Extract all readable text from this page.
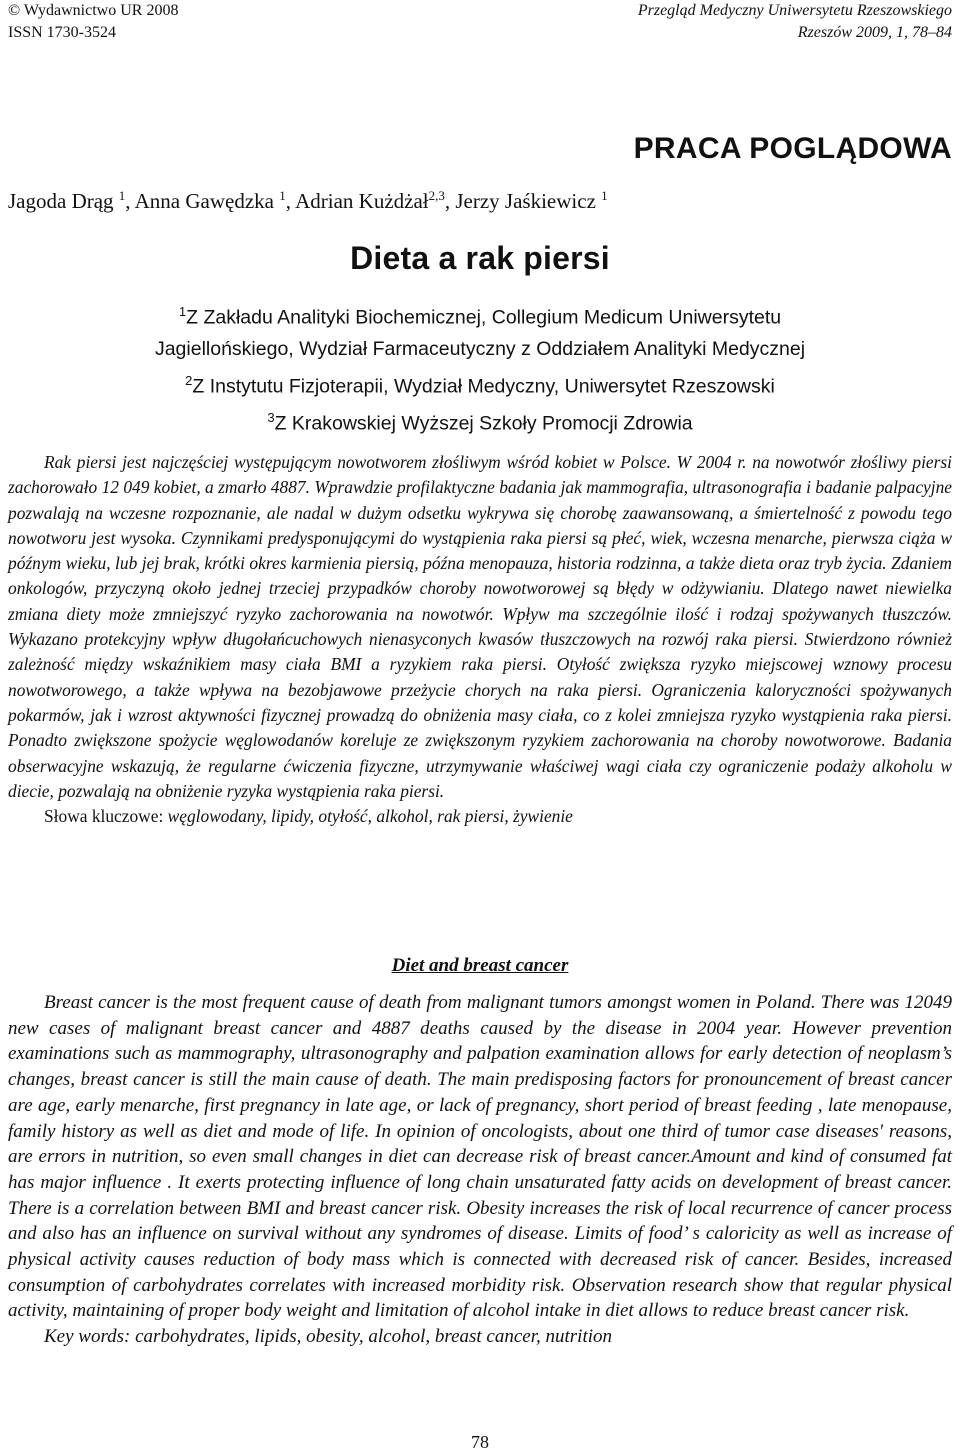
© Wydawnictwo UR 2008
ISSN 1730-3524
Przegląd Medyczny Uniwersytetu Rzeszowskiego
Rzeszów 2009, 1, 78–84
PRACA POGLĄDOWA
Jagoda Drąg $^1$, Anna Gawędzka $^1$, Adrian Kużdżał$^{2,3}$, Jerzy Jaśkiewicz $^1$
Dieta a rak piersi
$^1$Z Zakładu Analityki Biochemicznej, Collegium Medicum Uniwersytetu
Jagiellońskiego, Wydział Farmaceutyczny z Oddziałem Analityki Medycznej
$^2$Z Instytutu Fizjoterapii, Wydział Medyczny, Uniwersytet Rzeszowski
$^3$Z Krakowskiej Wyższej Szkoły Promocji Zdrowia
Rak piersi jest najczęściej występującym nowotworem złośliwym wśród kobiet w Polsce. W 2004 r. na nowotwór złośliwy piersi zachorowało 12 049 kobiet, a zmarło 4887. Wprawdzie profilaktyczne badania jak mammografia, ultrasonografia i badanie palpacyjne pozwalają na wczesne rozpoznanie, ale nadal w dużym odsetku wykrywa się chorobę zaawansowaną, a śmiertelność z powodu tego nowotworu jest wysoka. Czynnikami predysponującymi do wystąpienia raka piersi są płeć, wiek, wczesna menarche, pierwsza ciąża w późnym wieku, lub jej brak, krótki okres karmienia piersią, późna menopauza, historia rodzinna, a także dieta oraz tryb życia. Zdaniem onkologów, przyczyną około jednej trzeciej przypadków choroby nowotworowej są błędy w odżywianiu. Dlatego nawet niewielka zmiana diety może zmniejszyć ryzyko zachorowania na nowotwór. Wpływ ma szczególnie ilość i rodzaj spożywanych tłuszczów. Wykazano protekcyjny wpływ długołańcuchowych nienasyconych kwasów tłuszczowych na rozwój raka piersi. Stwierdzono również zależność między wskaźnikiem masy ciała BMI a ryzykiem raka piersi. Otyłość zwiększa ryzyko miejscowej wznowy procesu nowotworowego, a także wpływa na bezobjawowe przeżycie chorych na raka piersi. Ograniczenia kaloryczności spożywanych pokarmów, jak i wzrost aktywności fizycznej prowadzą do obniżenia masy ciała, co z kolei zmniejsza ryzyko wystąpienia raka piersi. Ponadto zwiększone spożycie węglowodanów koreluje ze zwiększonym ryzykiem zachorowania na choroby nowotworowe. Badania obserwacyjne wskazują, że regularne ćwiczenia fizyczne, utrzymywanie właściwej wagi ciała czy ograniczenie podaży alkoholu w diecie, pozwalają na obniżenie ryzyka wystąpienia raka piersi.
Słowa kluczowe: węglowodany, lipidy, otyłość, alkohol, rak piersi, żywienie
Diet and breast cancer
Breast cancer is the most frequent cause of death from malignant tumors amongst women in Poland. There was 12049 new cases of malignant breast cancer and 4887 deaths caused by the disease in 2004 year. However prevention examinations such as mammography, ultrasonography and palpation examination allows for early detection of neoplasm’s changes, breast cancer is still the main cause of death. The main predisposing factors for pronouncement of breast cancer are age, early menarche, first pregnancy in late age, or lack of pregnancy, short period of breast feeding , late menopause, family history as well as diet and mode of life. In opinion of oncologists, about one third of tumor case diseases' reasons, are errors in nutrition, so even small changes in diet can decrease risk of breast cancer.Amount and kind of consumed fat has major influence . It exerts protecting influence of long chain unsaturated fatty acids on development of breast cancer. There is a correlation between BMI and breast cancer risk. Obesity increases the risk of local recurrence of cancer process and also has an influence on survival without any syndromes of disease. Limits of food’ s caloricity as well as increase of physical activity causes reduction of body mass which is connected with decreased risk of cancer. Besides, increased consumption of carbohydrates correlates with increased morbidity risk. Observation research show that regular physical activity, maintaining of proper body weight and limitation of alcohol intake in diet allows to reduce breast cancer risk.
Key words: carbohydrates, lipids, obesity, alcohol, breast cancer, nutrition
78
